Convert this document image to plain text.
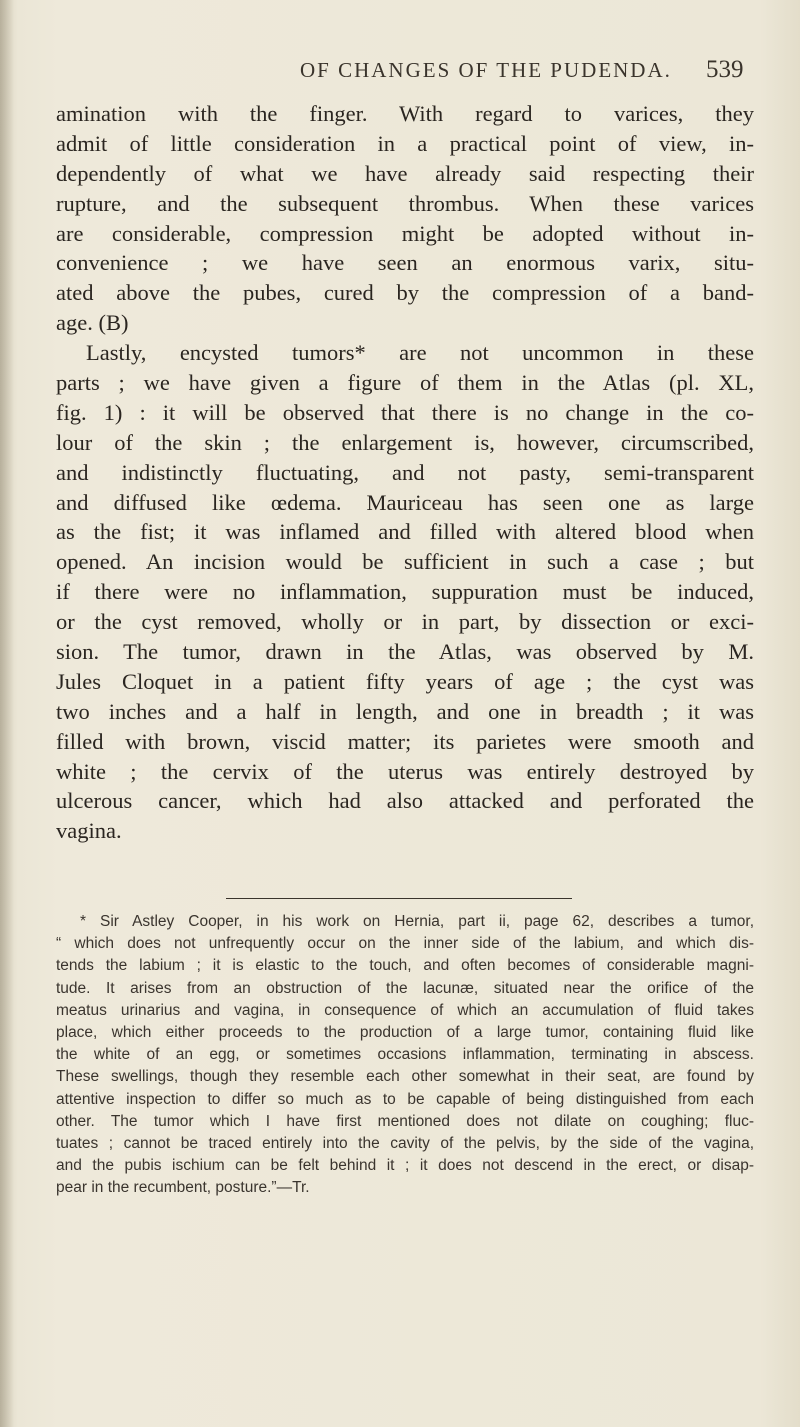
OF CHANGES OF THE PUDENDA. 539
amination with the finger. With regard to varices, they
admit of little consideration in a practical point of view, in-
dependently of what we have already said respecting their
rupture, and the subsequent thrombus. When these varices
are considerable, compression might be adopted without in-
convenience ; we have seen an enormous varix, situ-
ated above the pubes, cured by the compression of a band-
age. (B)
Lastly, encysted tumors* are not uncommon in these
parts ; we have given a figure of them in the Atlas (pl. XL,
fig. 1) : it will be observed that there is no change in the co-
lour of the skin ; the enlargement is, however, circumscribed,
and indistinctly fluctuating, and not pasty, semi-transparent
and diffused like œdema. Mauriceau has seen one as large
as the fist; it was inflamed and filled with altered blood when
opened. An incision would be sufficient in such a case ; but
if there were no inflammation, suppuration must be induced,
or the cyst removed, wholly or in part, by dissection or exci-
sion. The tumor, drawn in the Atlas, was observed by M.
Jules Cloquet in a patient fifty years of age ; the cyst was
two inches and a half in length, and one in breadth ; it was
filled with brown, viscid matter; its parietes were smooth and
white ; the cervix of the uterus was entirely destroyed by
ulcerous cancer, which had also attacked and perforated the
vagina.
* Sir Astley Cooper, in his work on Hernia, part ii, page 62, describes a tumor,
“ which does not unfrequently occur on the inner side of the labium, and which dis-
tends the labium ; it is elastic to the touch, and often becomes of considerable magni-
tude. It arises from an obstruction of the lacunæ, situated near the orifice of the
meatus urinarius and vagina, in consequence of which an accumulation of fluid takes
place, which either proceeds to the production of a large tumor, containing fluid like
the white of an egg, or sometimes occasions inflammation, terminating in abscess.
These swellings, though they resemble each other somewhat in their seat, are found by
attentive inspection to differ so much as to be capable of being distinguished from each
other. The tumor which I have first mentioned does not dilate on coughing; fluc-
tuates ; cannot be traced entirely into the cavity of the pelvis, by the side of the vagina,
and the pubis ischium can be felt behind it ; it does not descend in the erect, or disap-
pear in the recumbent, posture.”—Tr.
